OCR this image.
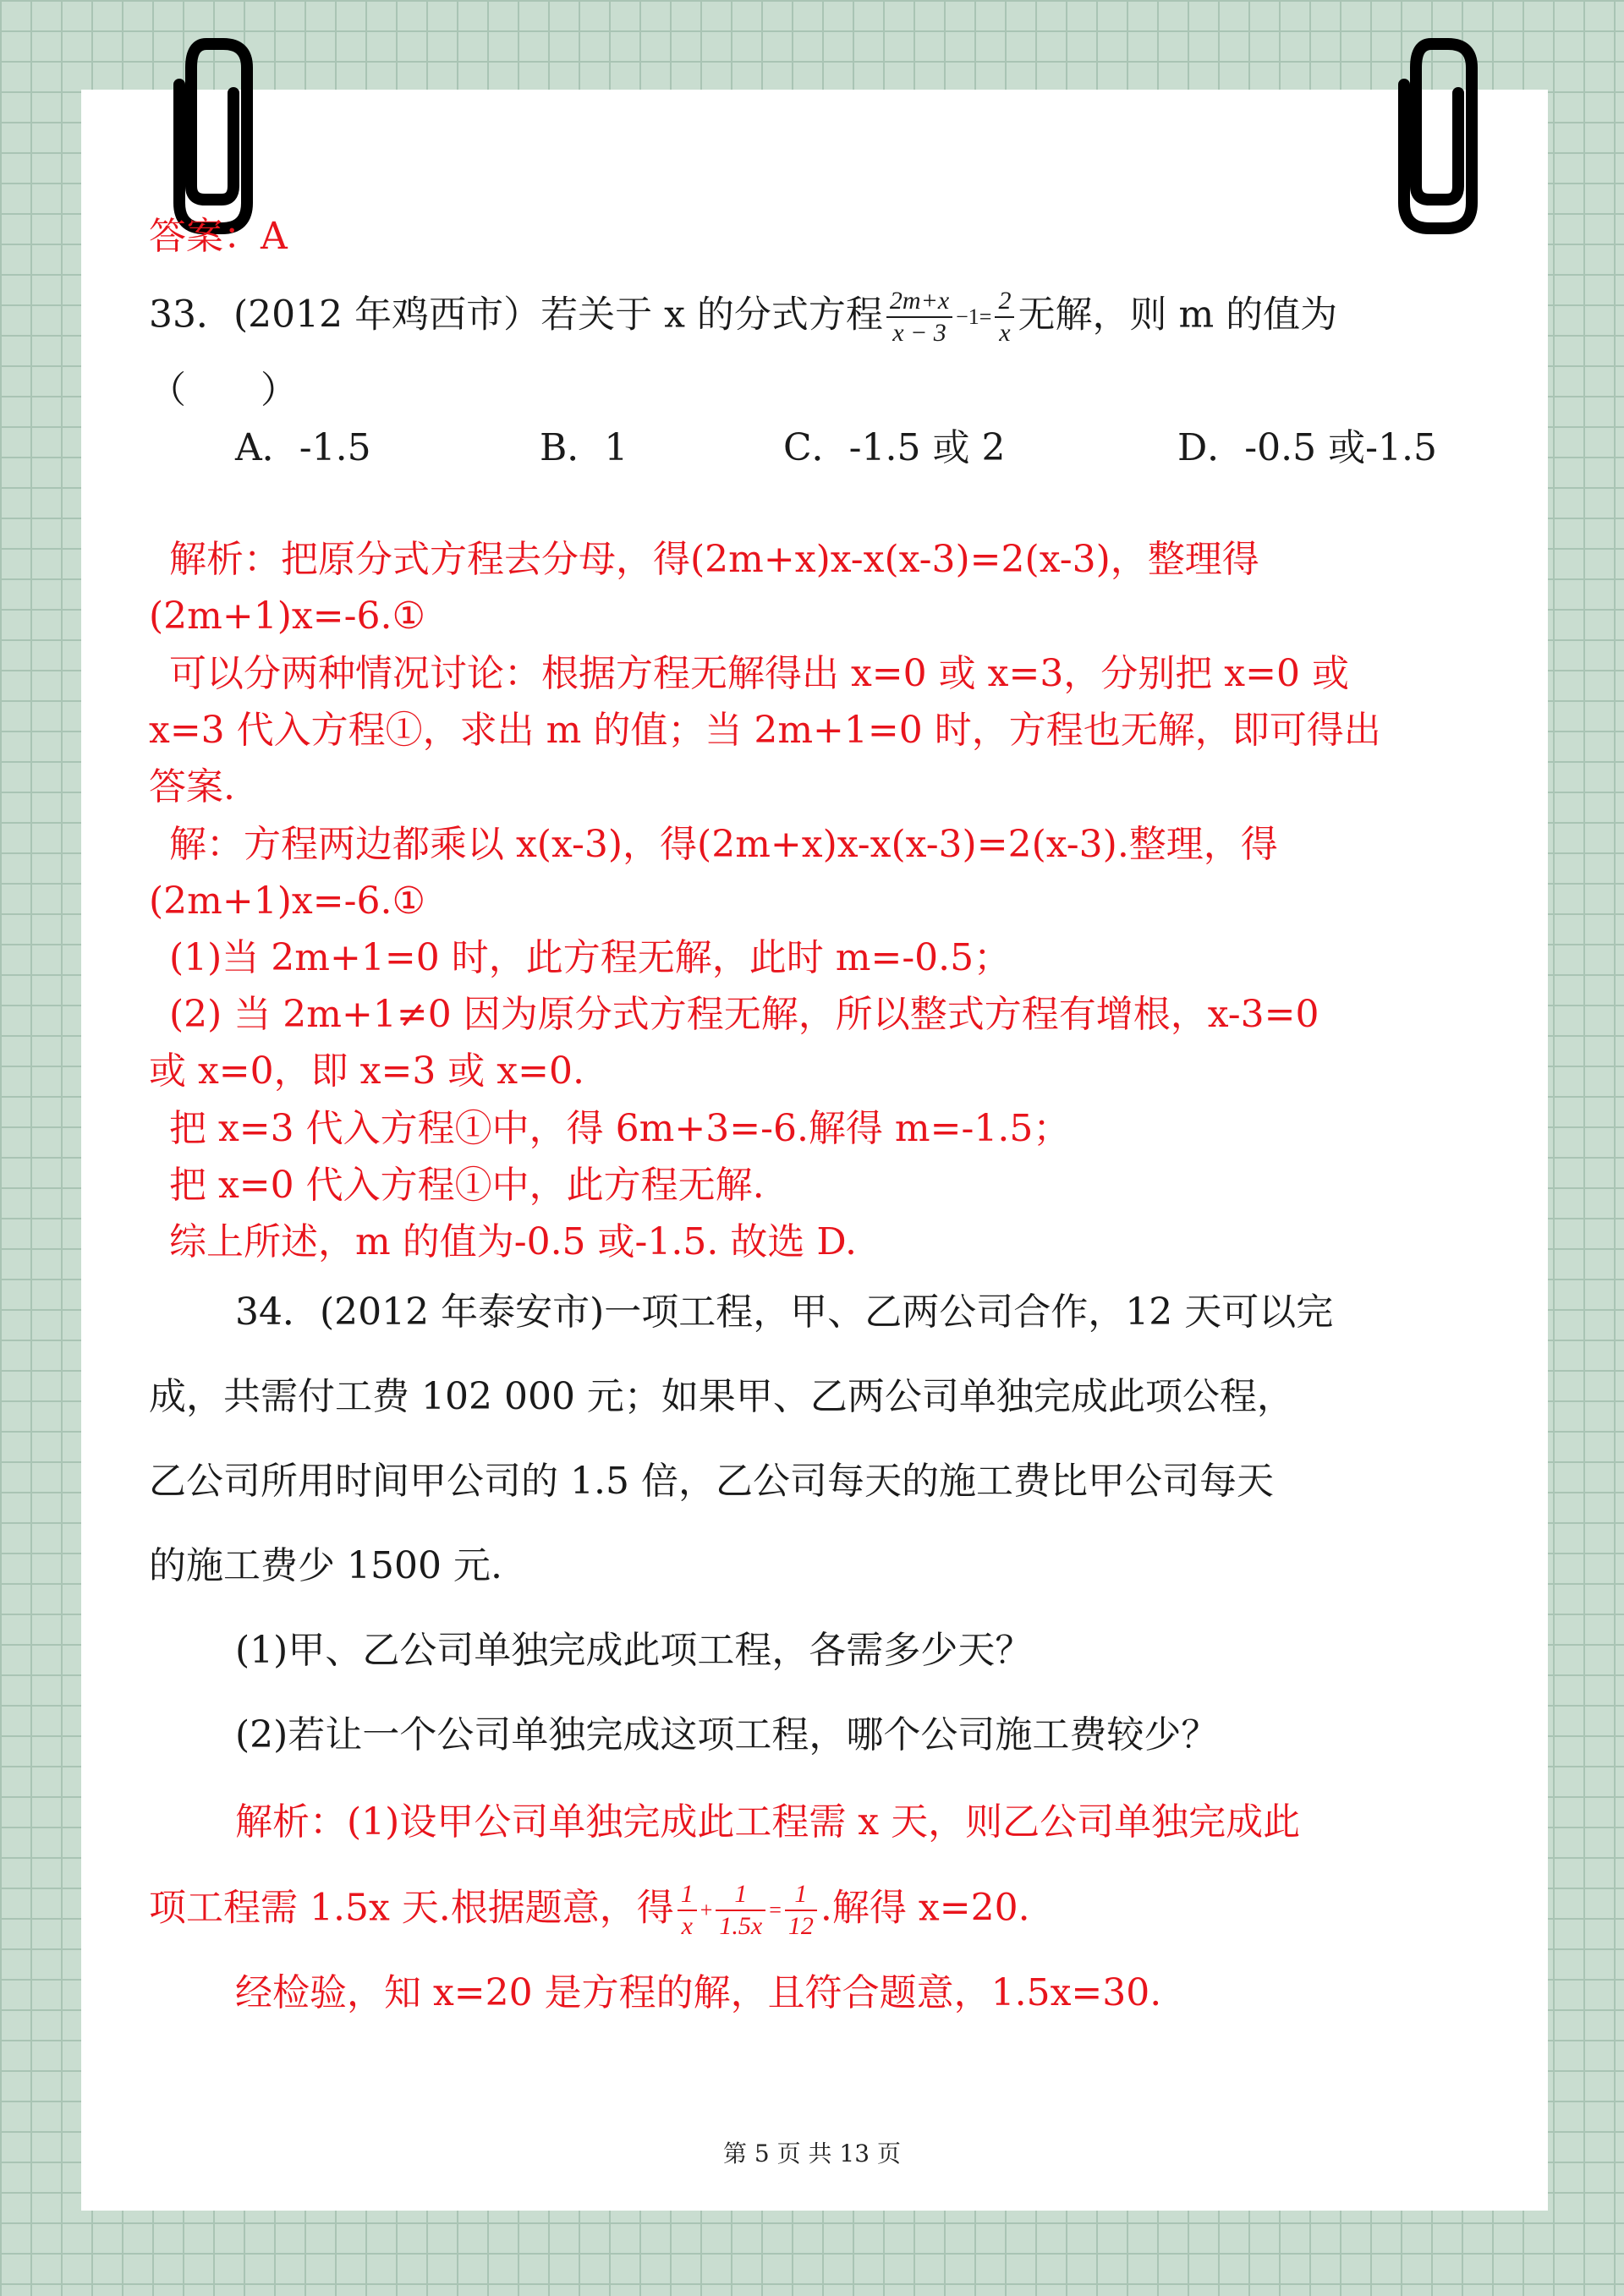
答案：A
33．(2012 年鸡西市）若关于 x 的分式方程 $\frac{2m+x}{x - 3} -1= \frac{2}{x}$ 无解，则 m 的值为
（　　）
A．-1.5	B．1	C．-1.5 或 2	D．-0.5 或-1.5
解析：把原分式方程去分母，得(2m+x)x-x(x-3)=2(x-3)，整理得
(2m+1)x=-6.①
可以分两种情况讨论：根据方程无解得出 x=0 或 x=3，分别把 x=0 或
x=3 代入方程①，求出 m 的值；当 2m+1=0 时，方程也无解，即可得出
答案.
解：方程两边都乘以 x(x-3)，得(2m+x)x-x(x-3)=2(x-3).整理，得
(2m+1)x=-6.①
(1)当 2m+1=0 时，此方程无解，此时 m=-0.5；
(2) 当 2m+1≠0 因为原分式方程无解，所以整式方程有增根，x-3=0
或 x=0，即 x=3 或 x=0.
把 x=3 代入方程①中，得 6m+3=-6.解得 m=-1.5；
把 x=0 代入方程①中，此方程无解.
综上所述，m 的值为-0.5 或-1.5. 故选 D.
34．(2012 年泰安市)一项工程，甲、乙两公司合作，12 天可以完
成，共需付工费 102 000 元；如果甲、乙两公司单独完成此项公程，
乙公司所用时间甲公司的 1.5 倍，乙公司每天的施工费比甲公司每天
的施工费少 1500 元.
(1)甲、乙公司单独完成此项工程，各需多少天？
(2)若让一个公司单独完成这项工程，哪个公司施工费较少？
解析：(1)设甲公司单独完成此工程需 x 天，则乙公司单独完成此
项工程需 1.5x 天.根据题意，得 $\frac{1}{x} + \frac{1}{1.5x} = \frac{1}{12}$ .解得 x=20.
经检验，知 x=20 是方程的解，且符合题意，1.5x=30.
第 5 页 共 13 页
